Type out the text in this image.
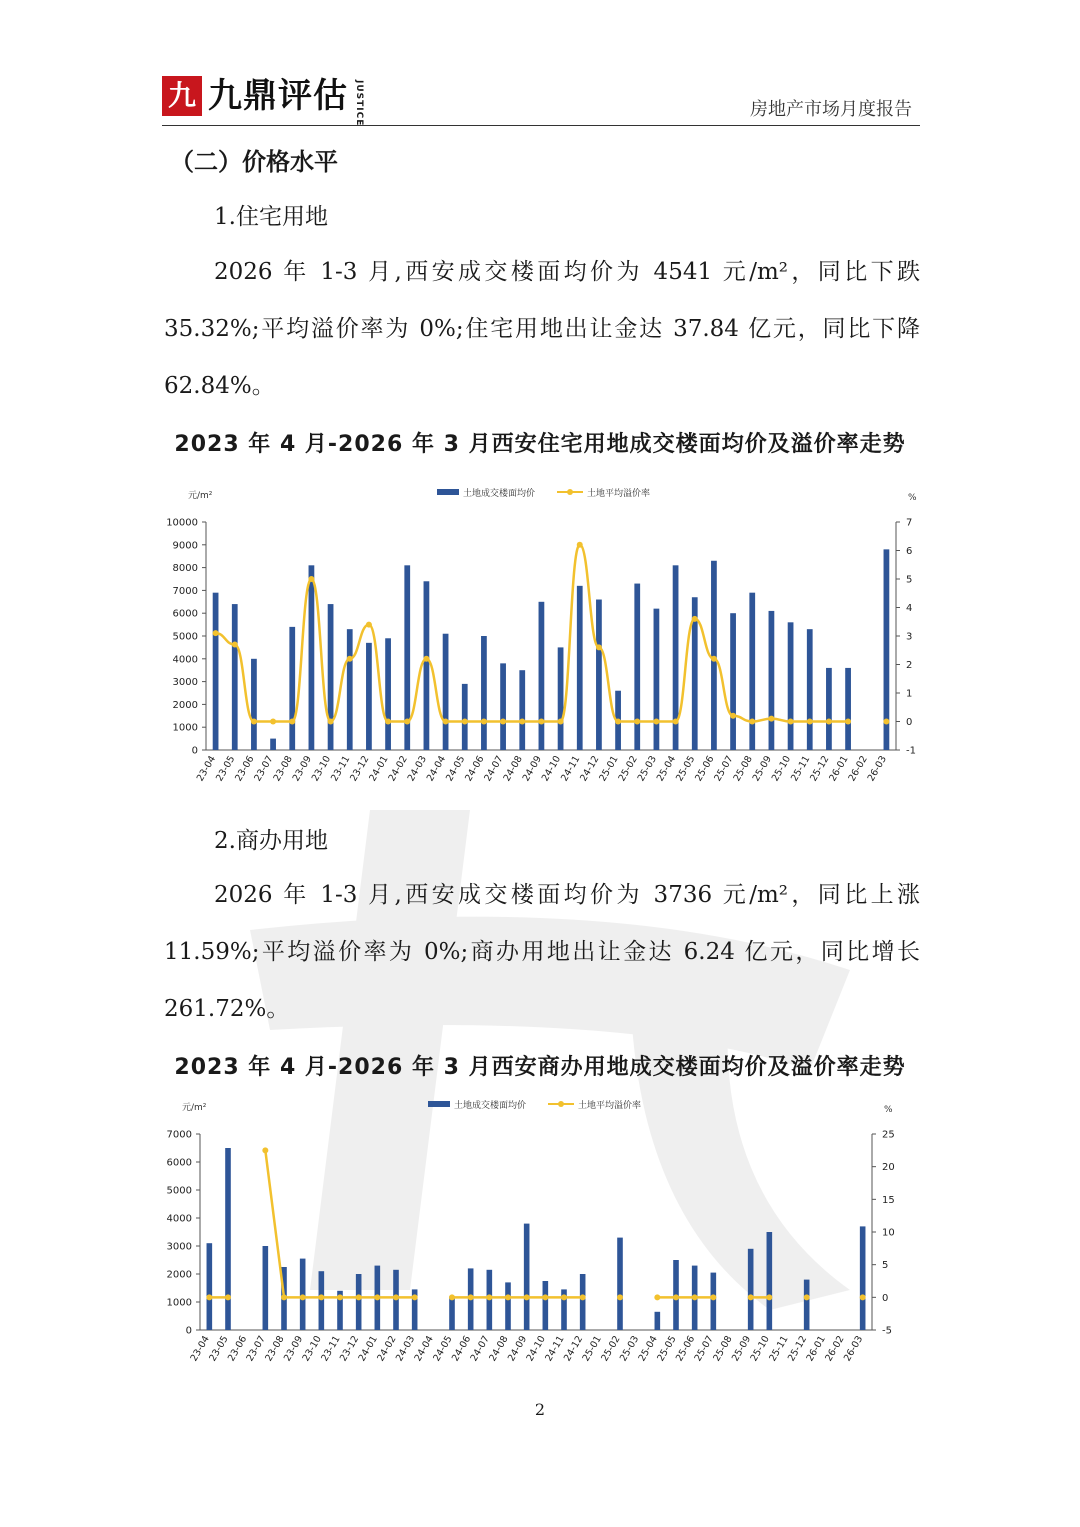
九 九鼎评估 JUSTICE	房地产市场月度报告
（二）价格水平
1.住宅用地
2026 年 1-3 月,西安成交楼面均价为 4541 元/m²，同比下跌 35.32%;平均溢价率为 0%;住宅用地出让金达 37.84 亿元，同比下降 62.84%。
2023 年 4 月-2026 年 3 月西安住宅用地成交楼面均价及溢价率走势
元/m²	%
土地成交楼面均价	土地平均溢价率
0
1000
2000
3000
4000
5000
6000
7000
8000
9000
10000
-1
0
1
2
3
4
5
6
7
23-04
23-05
23-06
23-07
23-08
23-09
23-10
23-11
23-12
24-01
24-02
24-03
24-04
24-05
24-06
24-07
24-08
24-09
24-10
24-11
24-12
25-01
25-02
25-03
25-04
25-05
25-06
25-07
25-08
25-09
25-10
25-11
25-12
26-01
26-02
26-03
2.商办用地
2026 年 1-3 月,西安成交楼面均价为 3736 元/m²，同比上涨 11.59%;平均溢价率为 0%;商办用地出让金达 6.24 亿元，同比增长 261.72%。
2023 年 4 月-2026 年 3 月西安商办用地成交楼面均价及溢价率走势
元/m²	%
土地成交楼面均价	土地平均溢价率
0
1000
2000
3000
4000
5000
6000
7000
-5
0
5
10
15
20
25
23-04
23-05
23-06
23-07
23-08
23-09
23-10
23-11
23-12
24-01
24-02
24-03
24-04
24-05
24-06
24-07
24-08
24-09
24-10
24-11
24-12
25-01
25-02
25-03
25-04
25-05
25-06
25-07
25-08
25-09
25-10
25-11
25-12
26-01
26-02
26-03
2
